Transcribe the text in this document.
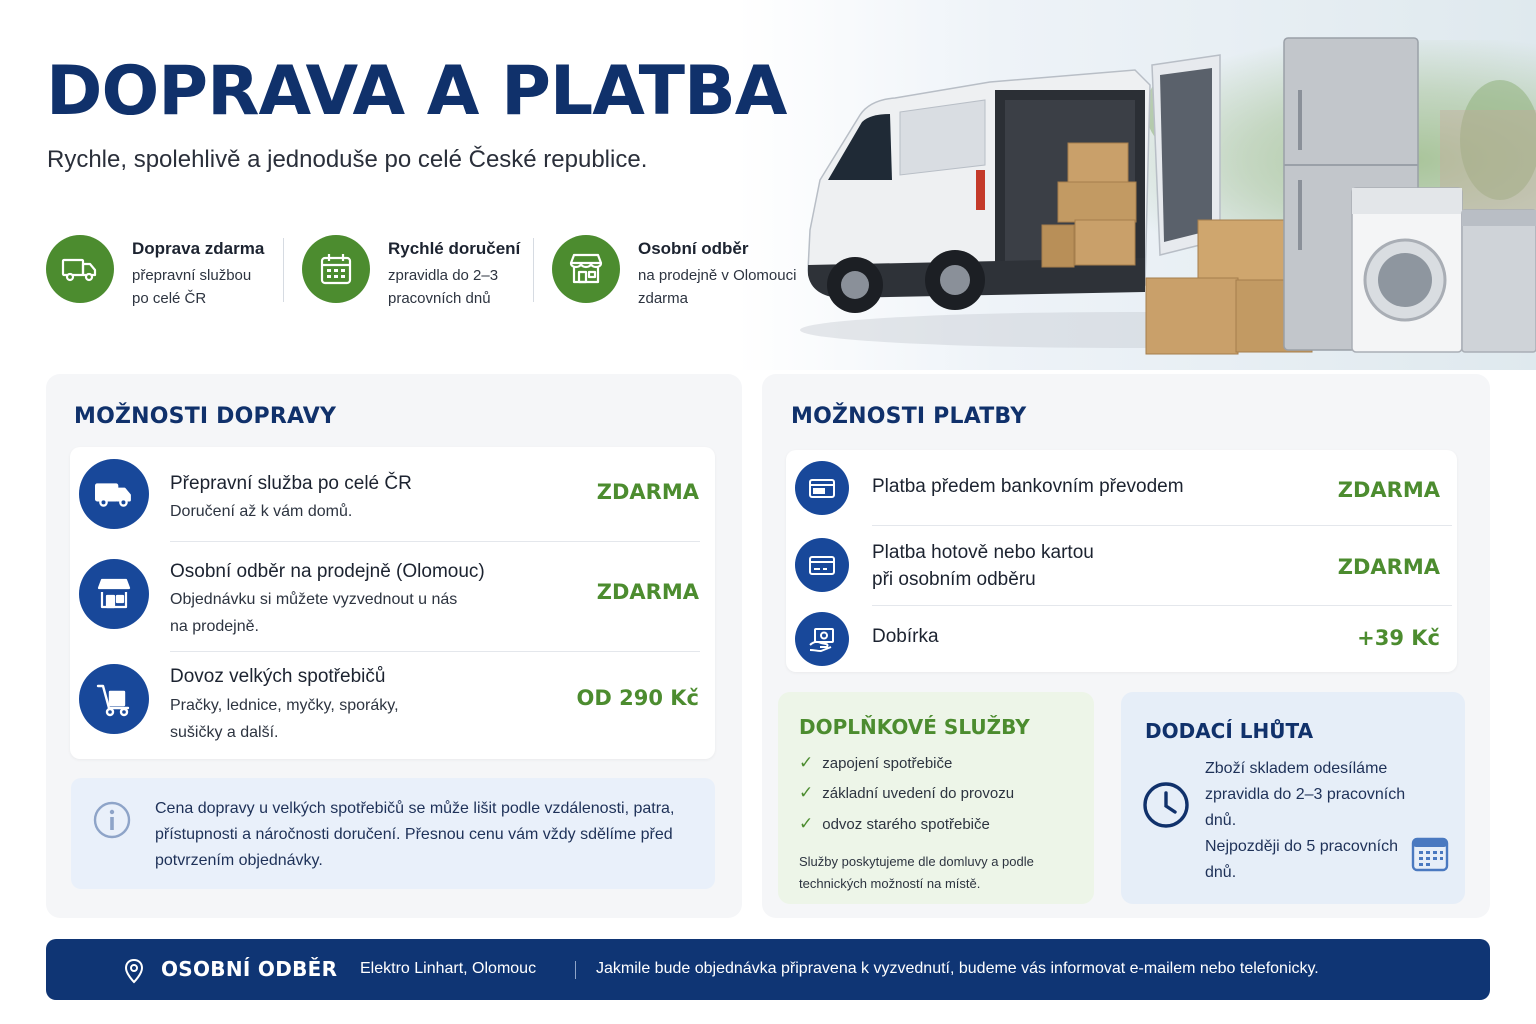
DOPRAVA A PLATBA

Rychle, spolehlivě a jednoduše po celé České republice.

Doprava zdarma
přepravní službou po celé ČR
Rychlé doručení
zpravidla do 2–3 pracovních dnů
Osobní odběr
na prodejně v Olomouci zdarma
MOŽNOSTI DOPRAVY
Přepravní služba po celé ČR
Doručení až k vám domů.
ZDARMA
Osobní odběr na prodejně (Olomouc)
Objednávku si můžete vyzvednout u nás na prodejně.
ZDARMA
Dovoz velkých spotřebičů
Pračky, lednice, myčky, sporáky, sušičky a další.
OD 290 Kč
Cena dopravy u velkých spotřebičů se může lišit podle vzdálenosti, patra, přístupnosti a náročnosti doručení. Přesnou cenu vám vždy sdělíme před potvrzením objednávky.
MOŽNOSTI PLATBY
Platba předem bankovním převodem	ZDARMA
Platba hotově nebo kartou
při osobním odběru
ZDARMA
Dobírka	+39 Kč
DOPLŇKOVÉ SLUŽBY
✓ zapojení spotřebiče
✓ základní uvedení do provozu
✓ odvoz starého spotřebiče
Služby poskytujeme dle domluvy a podle technických možností na místě.
DODACÍ LHŮTA
Zboží skladem odesíláme zpravidla do 2–3 pracovních dnů.
Nejpozději do 5 pracovních dnů.
OSOBNÍ ODBĚR Elektro Linhart, Olomouc	Jakmile bude objednávka připravena k vyzvednutí, budeme vás informovat e-mailem nebo telefonicky.
